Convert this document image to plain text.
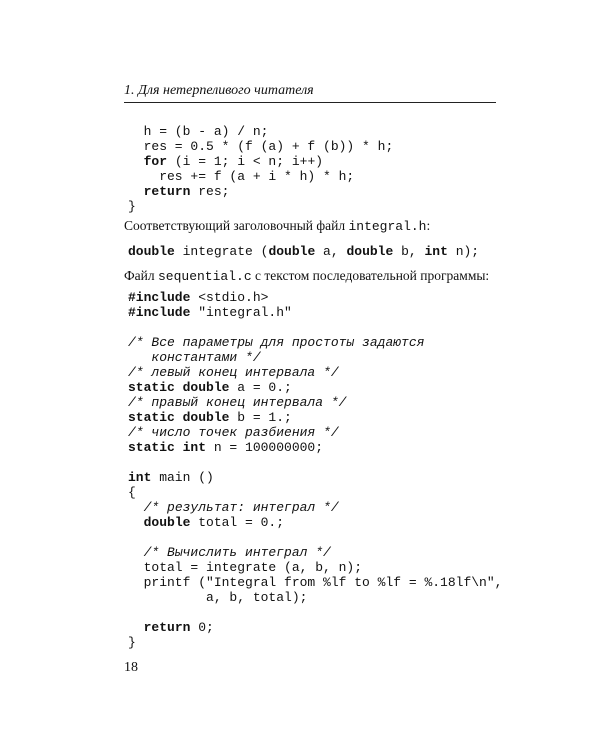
1. Для нетерпеливого читателя
h = (b - a) / n;
res = 0.5 * (f (a) + f (b)) * h;
for (i = 1; i < n; i++)
res += f (a + i * h) * h;
return res;
}

Соответствующий заголовочный файл integral.h:

double integrate (double a, double b, int n);

Файл sequential.c с текстом последовательной программы:

#include <stdio.h>
#include "integral.h"
/* Все параметры для простоты задаются
константами */
/* левый конец интервала */
static double a = 0.;
/* правый конец интервала */
static double b = 1.;
/* число точек разбиения */
static int n = 100000000;
int main ()
{
/* результат: интеграл */
double total = 0.;
/* Вычислить интеграл */
total = integrate (a, b, n);
printf ("Integral from %lf to %lf = %.18lf\n",
a, b, total);
return 0;
}
18
